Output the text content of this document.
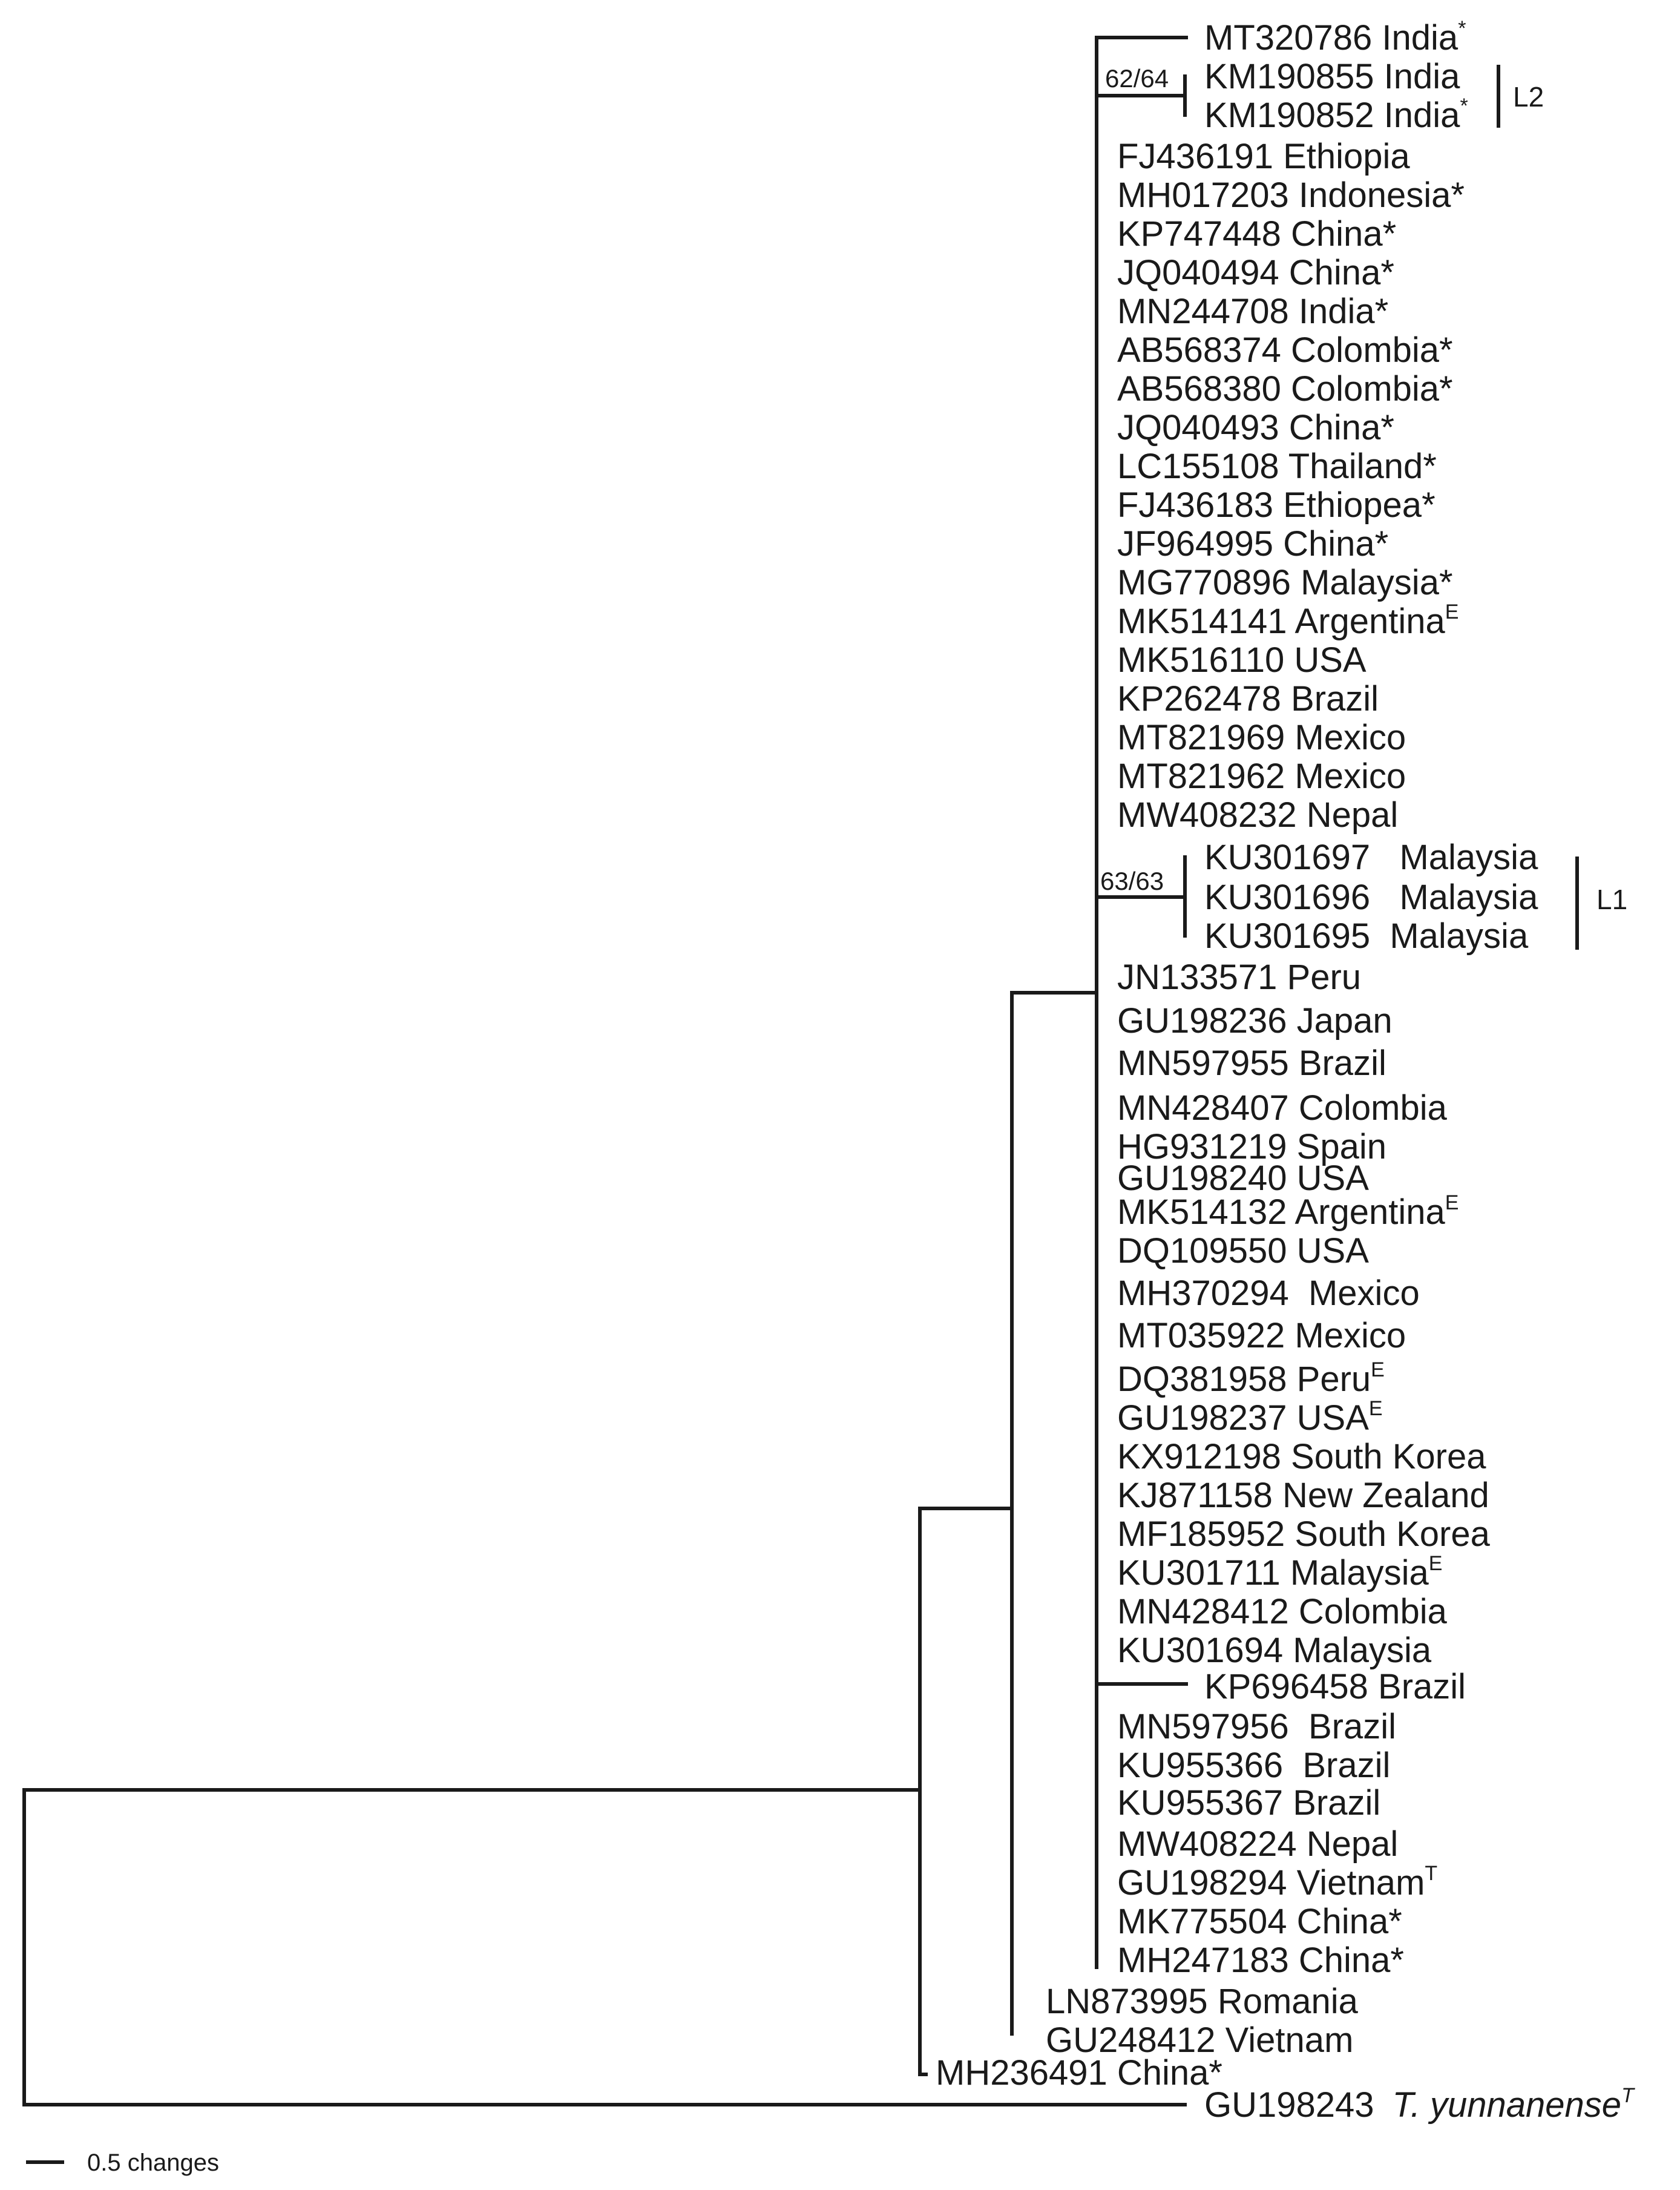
62/64
63/63
L2
L1
GU198243 T. yunnanense$^T$
0.5 changes
MT320786 India*
KM190855 India
KM190852 India*
FJ436191 Ethiopia
MH017203 Indonesia*
KP747448 China*
JQ040494 China*
MN244708 India*
AB568374 Colombia*
AB568380 Colombia*
JQ040493 China*
LC155108 Thailand*
FJ436183 Ethiopea*
JF964995 China*
MG770896 Malaysia*
MK514141 Argentina$^E$
MK516110 USA
KP262478 Brazil
MT821969 Mexico
MT821962 Mexico
MW408232 Nepal
KU301697   Malaysia
KU301696   Malaysia
KU301695  Malaysia
JN133571 Peru
GU198236 Japan
MN597955 Brazil
MN428407 Colombia
HG931219 Spain
GU198240 USA
MK514132 Argentina$^E$
DQ109550 USA
MH370294  Mexico
MT035922 Mexico
DQ381958 Peru$^E$
GU198237 $USA^E$
KX912198 South Korea
KJ871158 New Zealand
MF185952 South Korea
KU301711 Malaysia$^E$
MN428412 Colombia
KU301694 Malaysia
KP696458 Brazil
MN597956  Brazil
KU955366  Brazil
KU955367 Brazil
MW408224 Nepal
GU198294 Vietnam$^T$
MK775504 China*
MH247183 China*
LN873995 Romania
GU248412 Vietnam
MH236491 China*
